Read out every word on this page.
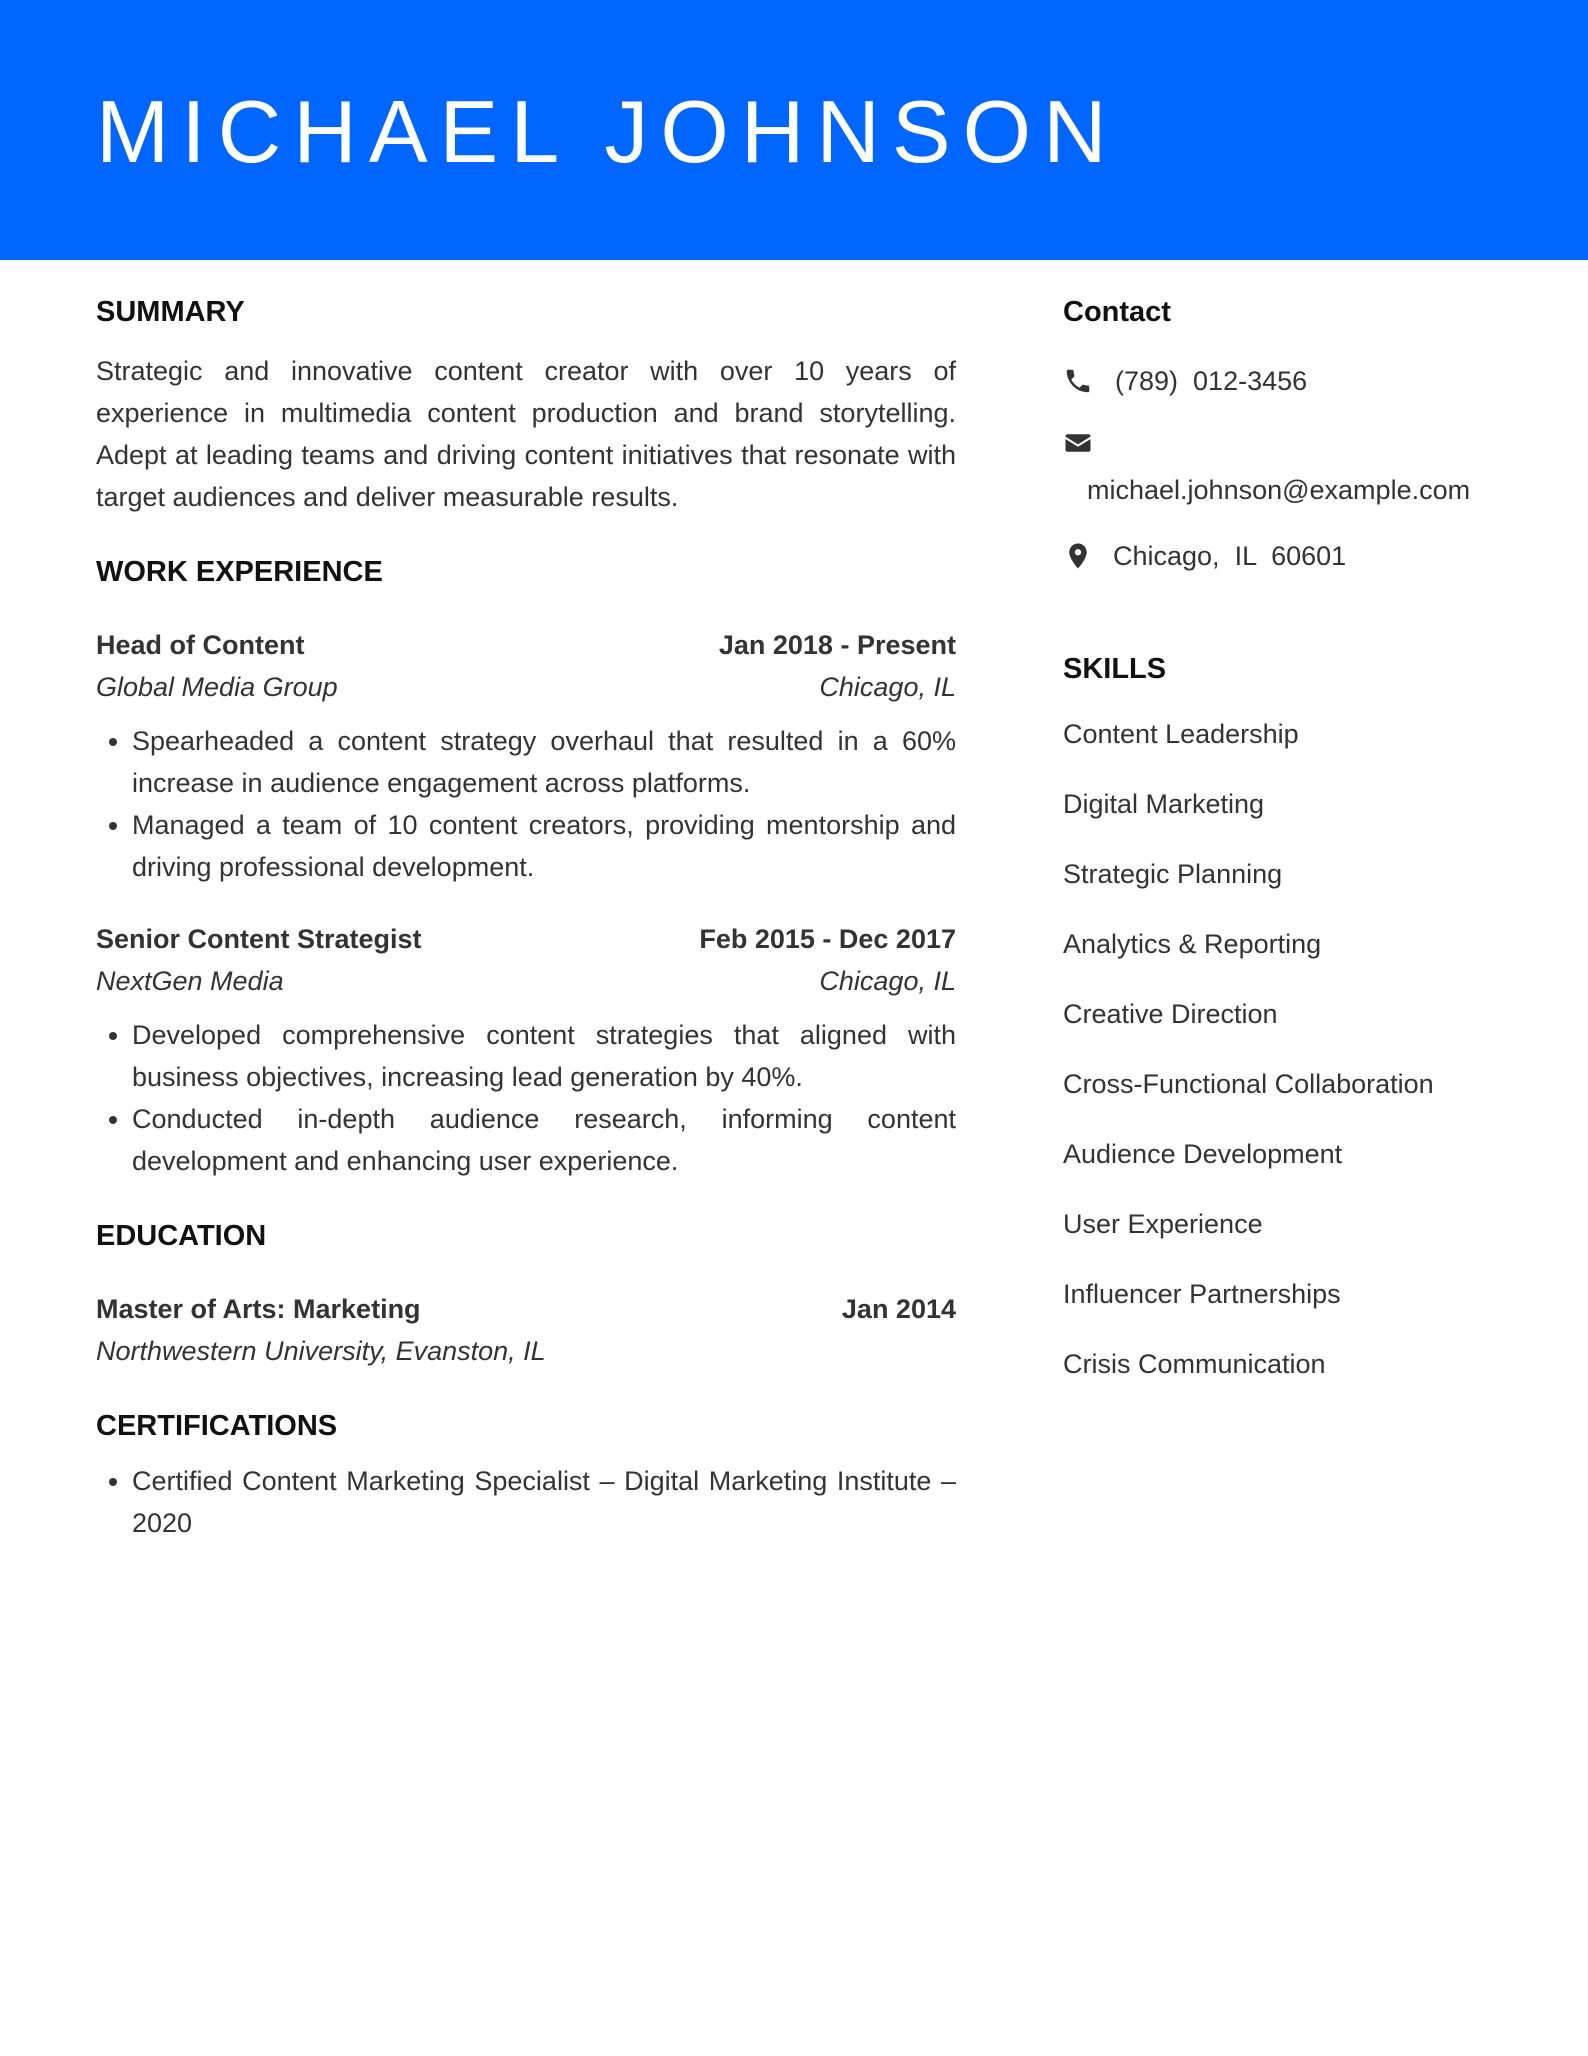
MICHAEL JOHNSON
SUMMARY

Strategic and innovative content creator with over 10 years of experience in multimedia content production and brand storytelling. Adept at leading teams and driving content initiatives that resonate with target audiences and deliver measurable results.

WORK EXPERIENCE
Head of Content	Jan 2018 - Present
Global Media Group	Chicago, IL
• Spearheaded a content strategy overhaul that resulted in a 60% increase in audience engagement across platforms.
• Managed a team of 10 content creators, providing mentorship and driving professional development.
Senior Content Strategist	Feb 2015 - Dec 2017
NextGen Media	Chicago, IL
• Developed comprehensive content strategies that aligned with business objectives, increasing lead generation by 40%.
• Conducted in-depth audience research, informing content development and enhancing user experience.
EDUCATION
Master of Arts: Marketing	Jan 2014
Northwestern University, Evanston, IL
CERTIFICATIONS
• Certified Content Marketing Specialist – Digital Marketing Institute – 2020
Contact
(789)  012-3456
michael.johnson@example.com
Chicago,  IL  60601
SKILLS
Content Leadership
Digital Marketing
Strategic Planning
Analytics & Reporting
Creative Direction
Cross-Functional Collaboration
Audience Development
User Experience
Influencer Partnerships
Crisis Communication
